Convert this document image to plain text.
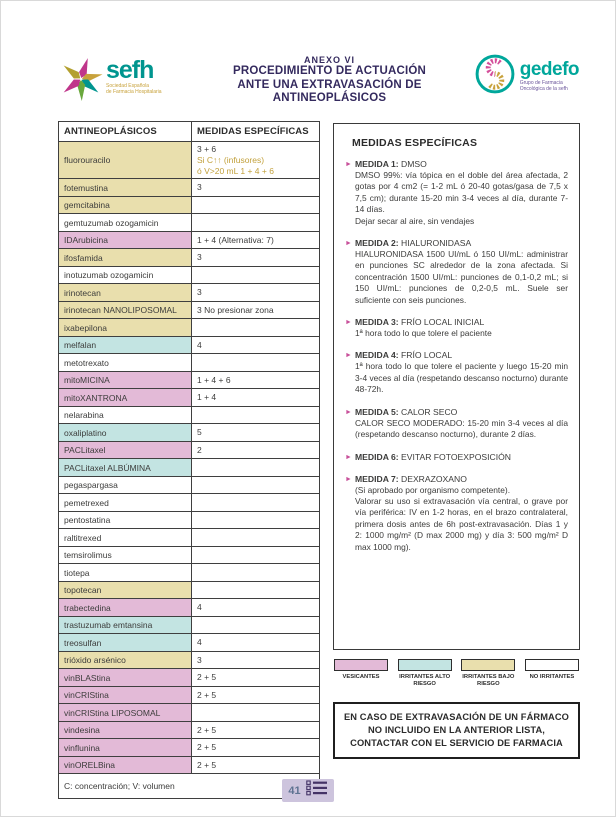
sefh
Sociedad Española
de Farmacia Hospitalaria
ANEXO VI
PROCEDIMIENTO DE ACTUACIÓN
ANTE UNA EXTRAVASACIÓN DE ANTINEOPLÁSICOS
gedefo
Grupo de Farmacia
Oncológica de la sefh
ANTINEOPLÁSICOS	MEDIDAS ESPECÍFICAS
fluorouracilo	3 + 6
Si C↑↑ (infusores)
ó V>20 mL 1 + 4 + 6

fotemustina	3

gemcitabina	

gemtuzumab ozogamicin	

IDArubicina	1 + 4 (Alternativa: 7)

ifosfamida	3

inotuzumab ozogamicin	

irinotecan	3

irinotecan NANOLIPOSOMAL	3 No presionar zona

ixabepilona	

melfalan	4

metotrexato	

mitoMICINA	1 + 4 + 6

mitoXANTRONA	1 + 4

nelarabina	

oxaliplatino	5

PACLitaxel	2

PACLitaxel ALBÚMINA	

pegaspargasa	

pemetrexed	

pentostatina	

raltitrexed	

temsirolimus	

tiotepa	

topotecan	

trabectedina	4

trastuzumab emtansina	

treosulfan	4

trióxido arsénico	3

vinBLAStina	2 + 5

vinCRIStina	2 + 5

vinCRIStina LIPOSOMAL	

vindesina	2 + 5

vinflunina	2 + 5

vinORELBina	2 + 5

C: concentración; V: volumen	
MEDIDAS ESPECÍFICAS
► MEDIDA 1: DMSO
DMSO 99%: vía tópica en el doble del área afectada, 2 gotas por 4 cm2 (= 1-2 mL ó 20-40 gotas/gasa de 7,5 x 7,5 cm); durante 15-20 min 3-4 veces al día, durante 7-14 días.
Dejar secar al aire, sin vendajes
► MEDIDA 2: HIALURONIDASA
HIALURONIDASA 1500 UI/mL ó 150 UI/mL: administrar en punciones SC alrededor de la zona afectada. Si concentración 1500 UI/mL: punciones de 0,1-0,2 mL; si 150 UI/mL: punciones de 0,2-0,5 mL. Suele ser suficiente con seis punciones.
► MEDIDA 3: FRÍO LOCAL INICIAL
1ª hora todo lo que tolere el paciente
► MEDIDA 4: FRÍO LOCAL
1ª hora todo lo que tolere el paciente y luego 15-20 min 3-4 veces al día (respetando descanso nocturno) durante 48-72h.
► MEDIDA 5: CALOR SECO
CALOR SECO MODERADO: 15-20 min 3-4 veces al día (respetando descanso nocturno), durante 2 días.
► MEDIDA 6: EVITAR FOTOEXPOSICIÓN
► MEDIDA 7: DEXRAZOXANO
(Si aprobado por organismo competente).
Valorar su uso si extravasación vía central, o grave por vía periférica: IV en 1-2 horas, en el brazo contralateral, primera dosis antes de 6h post-extravasación. Días 1 y 2: 1000 mg/m² (D max 2000 mg) y día 3: 500 mg/m² D max 1000 mg).
VESICANTES	IRRITANTES ALTO RIESGO
IRRITANTES BAJO RIESGO
NO IRRITANTES
EN CASO DE EXTRAVASACIÓN DE UN FÁRMACO
NO INCLUIDO EN LA ANTERIOR LISTA,
CONTACTAR CON EL SERVICIO DE FARMACIA
41
